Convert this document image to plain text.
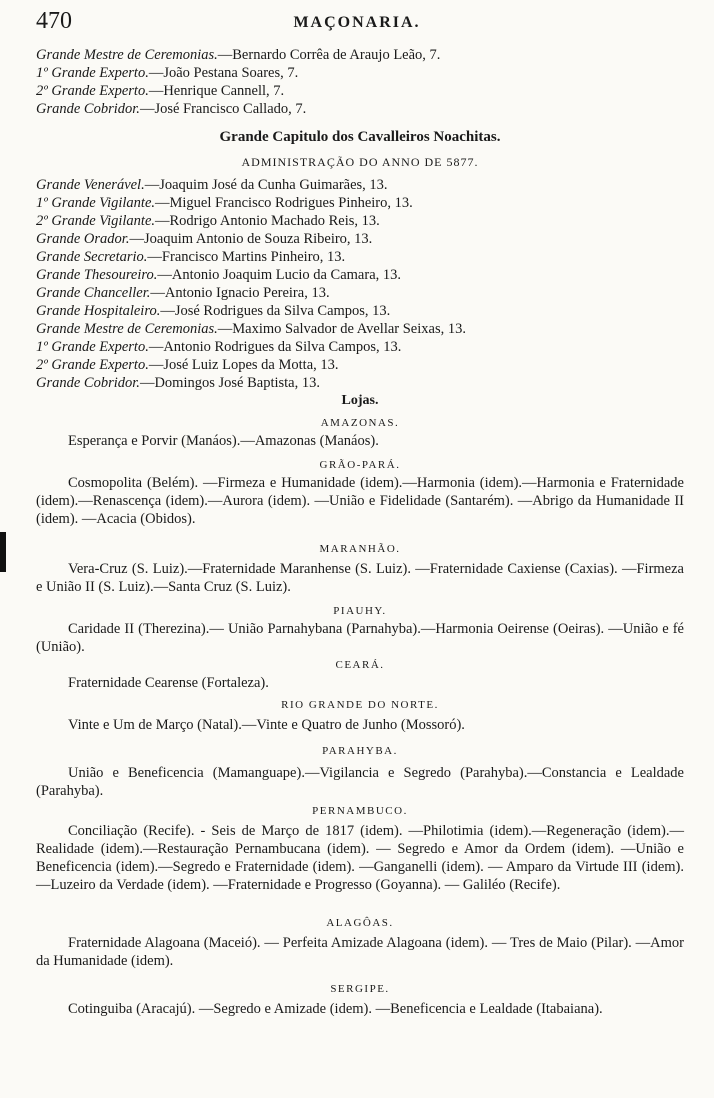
470	MAÇONARIA.
Grande Mestre de Ceremonias.—Bernardo Corrêa de Araujo Leão, 7.
1º Grande Experto.—João Pestana Soares, 7.
2º Grande Experto.—Henrique Cannell, 7.
Grande Cobridor.—José Francisco Callado, 7.
Grande Capitulo dos Cavalleiros Noachitas.
ADMINISTRAÇÃO DO ANNO DE 5877.
Grande Venerável.—Joaquim José da Cunha Guimarães, 13.
1º Grande Vigilante.—Miguel Francisco Rodrigues Pinheiro, 13.
2º Grande Vigilante.—Rodrigo Antonio Machado Reis, 13.
Grande Orador.—Joaquim Antonio de Souza Ribeiro, 13.
Grande Secretario.—Francisco Martins Pinheiro, 13.
Grande Thesoureiro.—Antonio Joaquim Lucio da Camara, 13.
Grande Chanceller.—Antonio Ignacio Pereira, 13.
Grande Hospitaleiro.—José Rodrigues da Silva Campos, 13.
Grande Mestre de Ceremonias.—Maximo Salvador de Avellar Seixas, 13.
1º Grande Experto.—Antonio Rodrigues da Silva Campos, 13.
2º Grande Experto.—José Luiz Lopes da Motta, 13.
Grande Cobridor.—Domingos José Baptista, 13.
Lojas.
AMAZONAS.
Esperança e Porvir (Manáos).—Amazonas (Manáos).
GRÃO-PARÁ.
Cosmopolita (Belém). —Firmeza e Humanidade (idem).—Harmonia (idem).—Harmonia e Fraternidade (idem).—Renascença (idem).—Aurora (idem). —União e Fidelidade (Santarém). —Abrigo da Humanidade II (idem). —Acacia (Obidos).
MARANHÃO.
Vera-Cruz (S. Luiz).—Fraternidade Maranhense (S. Luiz). —Fraternidade Caxiense (Caxias). —Firmeza e União II (S. Luiz).—Santa Cruz (S. Luiz).
PIAUHY.
Caridade II (Therezina).— União Parnahybana (Parnahyba).—Harmonia Oeirense (Oeiras). —União e fé (União).
CEARÁ.
Fraternidade Cearense (Fortaleza).
RIO GRANDE DO NORTE.
Vinte e Um de Março (Natal).—Vinte e Quatro de Junho (Mossoró).
PARAHYBA.
União e Beneficencia (Mamanguape).—Vigilancia e Segredo (Parahyba).—Constancia e Lealdade (Parahyba).
PERNAMBUCO.
Conciliação (Recife). - Seis de Março de 1817 (idem). —Philotimia (idem).—Regeneração (idem).—Realidade (idem).—Restauração Pernambucana (idem). — Segredo e Amor da Ordem (idem). —União e Beneficencia (idem).—Segredo e Fraternidade (idem). —Ganganelli (idem). — Amparo da Virtude III (idem). —Luzeiro da Verdade (idem). —Fraternidade e Progresso (Goyanna). — Galiléo (Recife).
ALAGÔAS.
Fraternidade Alagoana (Maceió). — Perfeita Amizade Alagoana (idem). — Tres de Maio (Pilar). —Amor da Humanidade (idem).
SERGIPE.
Cotinguiba (Aracajú). —Segredo e Amizade (idem). —Beneficencia e Lealdade (Itabaiana).
